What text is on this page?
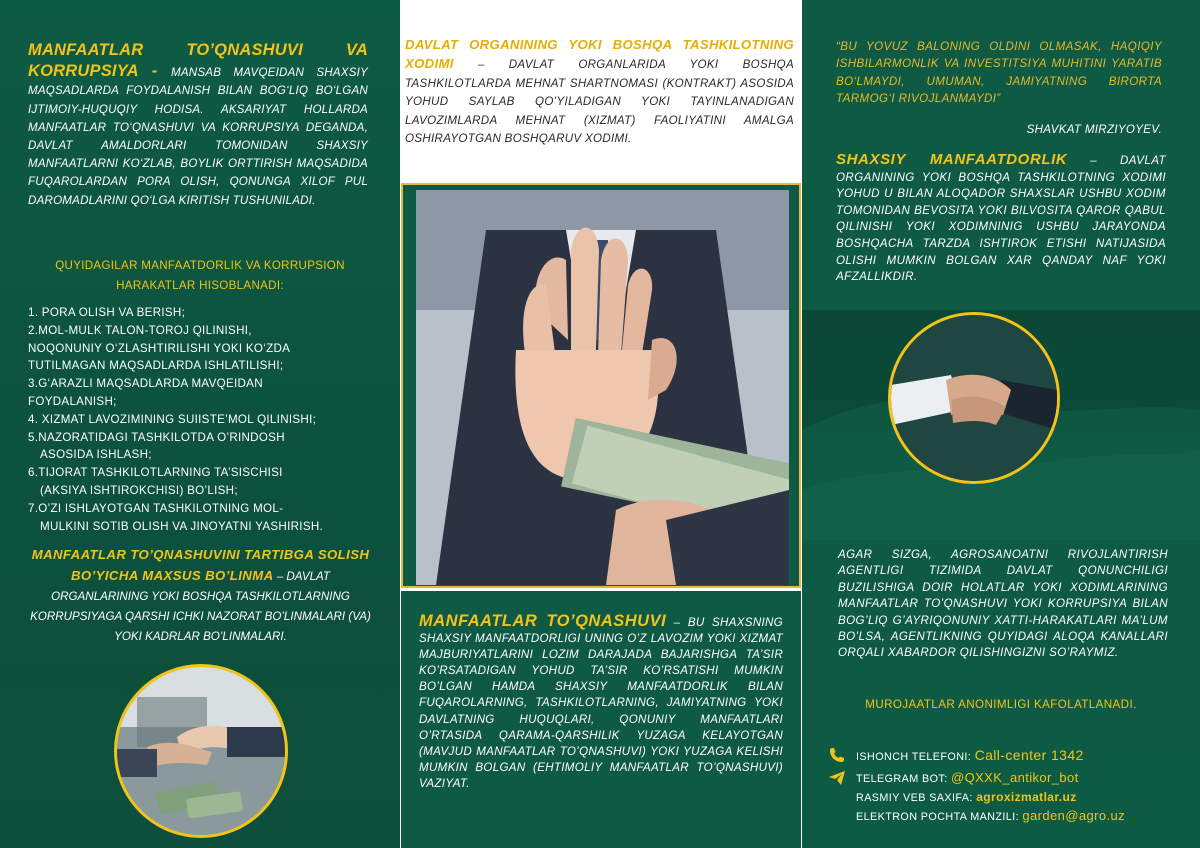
MANFAATLAR TO’QNASHUVI VA KORRUPSIYA - MANSAB MAVQEIDAN SHAXSIY MAQSADLARDA FOYDALANISH BILAN BOG‘LIQ BO‘LGAN IJTIMOIY-HUQUQIY HODISA. AKSARIYAT HOLLARDA MANFAATLAR TO‘QNASHUVI VA KORRUPSIYA DEGANDA, DAVLAT AMALDORLARI TOMONIDAN SHAXSIY MANFAATLARNI KO‘ZLAB, BOYLIK ORTTIRISH MAQSADIDA FUQAROLARDAN PORA OLISH, QONUNGA XILOF PUL DAROMADLARINI QO‘LGA KIRITISH TUSHUNILADI.
QUYIDAGILAR MANFAATDORLIK VA KORRUPSION HARAKATLAR HISOBLANADI:
1. PORA OLISH VA BERISH;
2.MOL-MULK TALON-TOROJ QILINISHI,
NOQONUNIY O‘ZLASHTIRILISHI YOKI KO‘ZDA
TUTILMAGAN MAQSADLARDA ISHLATILISHI;
3.G‘ARAZLI MAQSADLARDA MAVQEIDAN
FOYDALANISH;
4. XIZMAT LAVOZIMINING SUIISTE’MOL QILINISHI;
5.NAZORATIDAGI TASHKILOTDA O’RINDOSH
ASOSIDA ISHLASH;
6.TIJORAT TASHKILOTLARNING TA’SISCHISI
(AKSIYA ISHTIROKCHISI) BO’LISH;
7.O’ZI ISHLAYOTGAN TASHKILOTNING MOL-
MULKINI SOTIB OLISH VA JINOYATNI YASHIRISH.
MANFAATLAR TO’QNASHUVINI TARTIBGA SOLISH BO’YICHA MAXSUS BO’LINMA – DAVLAT ORGANLARINING YOKI BOSHQA TASHKILOTLARNING KORRUPSIYAGA QARSHI ICHKI NAZORAT BO’LINMALARI (VA) YOKI KADRLAR BO’LINMALARI.

DAVLAT ORGANINING YOKI BOSHQA TASHKILOTNING XODIMI – DAVLAT ORGANLARIDA YOKI BOSHQA TASHKILOTLARDA MEHNAT SHARTNOMASI (KONTRAKT) ASOSIDA YOHUD SAYLAB QO’YILADIGAN YOKI TAYINLANADIGAN LAVOZIMLARDA MEHNAT (XIZMAT) FAOLIYATINI AMALGA OSHIRAYOTGAN BOSHQARUV XODIMI.

MANFAATLAR TO’QNASHUVI – BU SHAXSNING SHAXSIY MANFAATDORLIGI UNING O’Z LAVOZIM YOKI XIZMAT MAJBURIYATLARINI LOZIM DARAJADA BAJARISHGA TA’SIR KO’RSATADIGAN YOHUD TA’SIR KO’RSATISHI MUMKIN BO’LGAN HAMDA SHAXSIY MANFAATDORLIK BILAN FUQAROLARNING, TASHKILOTLARNING, JAMIYATNING YOKI DAVLATNING HUQUQLARI, QONUNIY MANFAATLARI O’RTASIDA QARAMA-QARSHILIK YUZAGA KELAYOTGAN (MAVJUD MANFAATLAR TO’QNASHUVI) YOKI YUZAGA KELISHI MUMKIN BOLGAN (EHTIMOLIY MANFAATLAR TO’QNASHUVI) VAZIYAT.

“BU YOVUZ BALONING OLDINI OLMASAK, HAQIQIY ISHBILARMONLIK VA INVESTITSIYA MUHITINI YARATIB BO‘LMAYDI, UMUMAN, JAMIYATNING BIRORTA TARMOG‘I RIVOJLANMAYDI”
SHAVKAT MIRZIYOYEV.
SHAXSIY MANFAATDORLIK – DAVLAT ORGANINING YOKI BOSHQA TASHKILOTNING XODIMI YOHUD U BILAN ALOQADOR SHAXSLAR USHBU XODIM TOMONIDAN BEVOSITA YOKI BILVOSITA QAROR QABUL QILINISHI YOKI XODIMNINIG USHBU JARAYONDA BOSHQACHA TARZDA ISHTIROK ETISHI NATIJASIDA OLISHI MUMKIN BOLGAN XAR QANDAY NAF YOKI AFZALLIKDIR.
AGAR SIZGA, AGROSANOATNI RIVOJLANTIRISH AGENTLIGI TIZIMIDA DAVLAT QONUNCHILIGI BUZILISHIGA DOIR HOLATLAR YOKI XODIMLARINING MANFAATLAR TO’QNASHUVI YOKI KORRUPSIYA BILAN BOG’LIQ G’AYRIQONUNIY XATTI-HARAKATLARI MA’LUM BO’LSA, AGENTLIKNING QUYIDAGI ALOQA KANALLARI ORQALI XABARDOR QILISHINGIZNI SO’RAYMIZ.
MUROJAATLAR ANONIMLIGI KAFOLATLANADI.
ISHONCH TELEFONI: Call-center 1342
TELEGRAM BOT: @QXXK_antikor_bot
RASMIY VEB SAXIFA: agroxizmatlar.uz
ELEKTRON POCHTA MANZILI: garden@agro.uz
